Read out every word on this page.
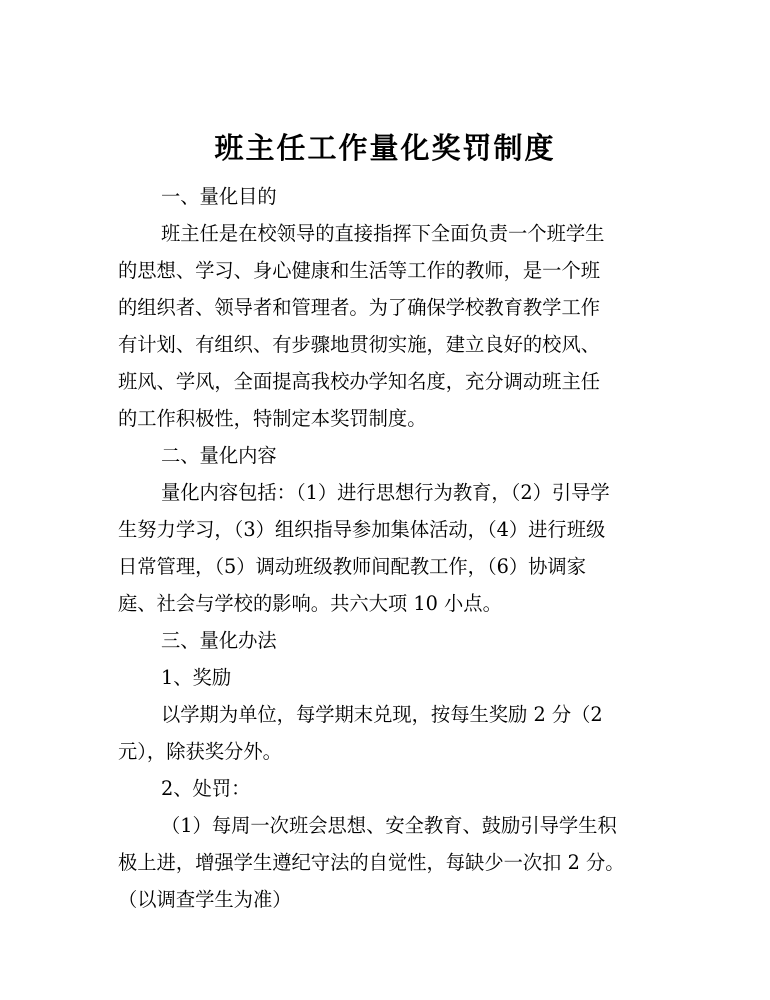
班主任工作量化奖罚制度
一、量化目的
班主任是在校领导的直接指挥下全面负责一个班学生
的思想、学习、身心健康和生活等工作的教师，是一个班
的组织者、领导者和管理者。为了确保学校教育教学工作
有计划、有组织、有步骤地贯彻实施，建立良好的校风、
班风、学风，全面提高我校办学知名度，充分调动班主任
的工作积极性，特制定本奖罚制度。
二、量化内容
量化内容包括：（1）进行思想行为教育，（2）引导学
生努力学习，（3）组织指导参加集体活动，（4）进行班级
日常管理，（5）调动班级教师间配教工作，（6）协调家
庭、社会与学校的影响。共六大项 10 小点。
三、量化办法
1、奖励
以学期为单位，每学期末兑现，按每生奖励 2 分（2
元），除获奖分外。
2、处罚：
（1）每周一次班会思想、安全教育、鼓励引导学生积
极上进，增强学生遵纪守法的自觉性，每缺少一次扣 2 分。
（以调查学生为准）
